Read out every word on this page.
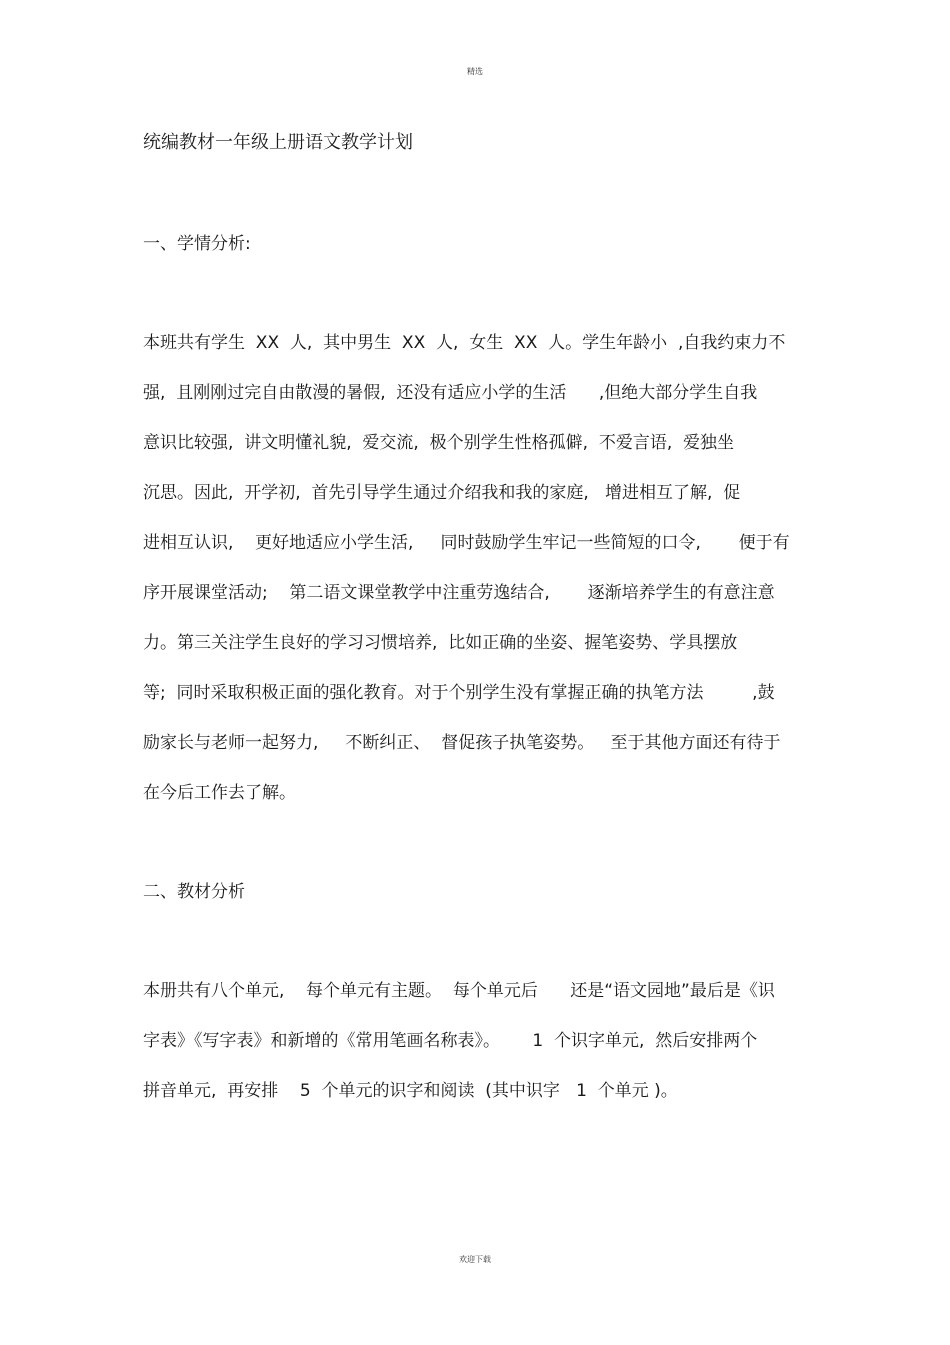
精选
统编教材一年级上册语文教学计划
一、学情分析:
本班共有学生  XX  人,  其中男生  XX  人,  女生  XX  人。学生年龄小  ,自我约束力不
强,  且刚刚过完自由散漫的暑假,  还没有适应小学的生活      ,但绝大部分学生自我
意识比较强,  讲文明懂礼貌,  爱交流,  极个别学生性格孤僻,  不爱言语,  爱独坐
沉思。因此,  开学初,  首先引导学生通过介绍我和我的家庭,   增进相互了解,  促
进相互认识,    更好地适应小学生活,     同时鼓励学生牢记一些简短的口令,       便于有
序开展课堂活动;    第二语文课堂教学中注重劳逸结合,       逐渐培养学生的有意注意
力。第三关注学生良好的学习习惯培养,  比如正确的坐姿、握笔姿势、学具摆放
等;  同时采取积极正面的强化教育。对于个别学生没有掌握正确的执笔方法         ,鼓
励家长与老师一起努力,     不断纠正、  督促孩子执笔姿势。   至于其他方面还有待于
在今后工作去了解。
二、教材分析
本册共有八个单元,    每个单元有主题。  每个单元后      还是“语文园地”最后是《识
字表》《写字表》和新增的《常用笔画名称表》。      1  个识字单元,  然后安排两个
拼音单元,  再安排    5  个单元的识字和阅读  (其中识字   1  个单元 )。
欢迎下载
